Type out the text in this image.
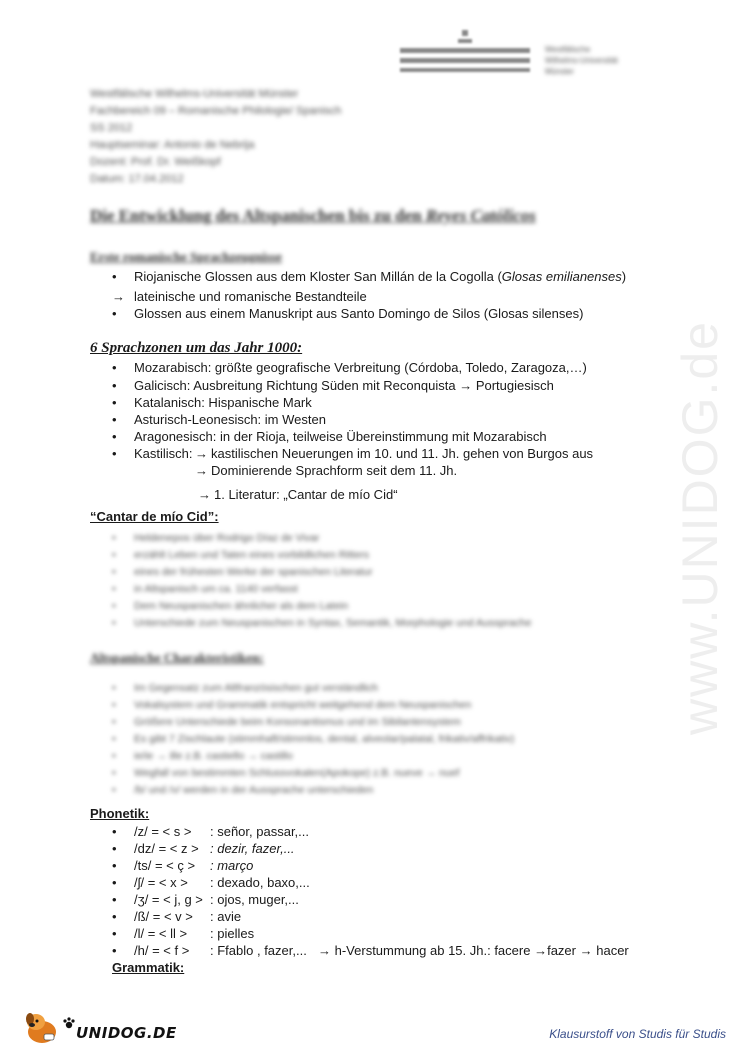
Westfälische
Wilhelms-Universität
Münster
Westfälische Wilhelms-Universität Münster
Fachbereich 09 – Romanische Philologie/ Spanisch
SS 2012
Hauptseminar: Antonio de Nebrija
Dozent: Prof. Dr. Weißkopf
Datum: 17.04.2012
Die Entwicklung des Altspanischen bis zu den Reyes Católicos
Erste romanische Sprachzeugnisse
• Riojanische Glossen aus dem Kloster San Millán de la Cogolla (Glosas emilianenses)
→ lateinische und romanische Bestandteile
• Glossen aus einem Manuskript aus Santo Domingo de Silos (Glosas silenses)
6 Sprachzonen um das Jahr 1000:
• Mozarabisch: größte geografische Verbreitung (Córdoba, Toledo, Zaragoza,…)
• Galicisch: Ausbreitung Richtung Süden mit Reconquista → Portugiesisch
• Katalanisch: Hispanische Mark
• Asturisch-Leonesisch: im Westen
• Aragonesisch: in der Rioja, teilweise Übereinstimmung mit Mozarabisch
• Kastilisch: → kastilischen Neuerungen im 10. und 11. Jh. gehen von Burgos aus
→ Dominierende Sprachform seit dem 11. Jh.
→ 1. Literatur: „Cantar de mío Cid“
“Cantar de mío Cid”:
• Heldenepos über Rodrigo Díaz de Vivar
• erzählt Leben und Taten eines vorbildlichen Ritters
• eines der frühesten Werke der spanischen Literatur
• in Altspanisch um ca. 1140 verfasst
• Dem Neuspanischen ähnlicher als dem Latein
• Unterschiede zum Neuspanischen in Syntax, Semantik, Morphologie und Aussprache
Altspanische Charakteristiken:
• Im Gegensatz zum Altfranzösischen gut verständlich
• Vokalsystem und Grammatik entspricht weitgehend dem Neuspanischen
• Größere Unterschiede beim Konsonantismus und im Sibilantensystem
• Es gibt 7 Zischlaute (stimmhaft/stimmlos, dental, alveolar/palatal, frikativ/affrikativ)
• ie/ie → ille z.B. castiello → castillo
• Wegfall von bestimmten Schlussvokalen(Apokope) z.B. nueve → nuef
• /b/ und /v/ werden in der Aussprache unterschieden
Phonetik:
• /z/ = < s > : señor, passar,...
• /dz/ = < z > : dezir, fazer,...
• /ts/ = < ç > : março
• /ʃ/ = < x > : dexado, baxo,...
• /ʒ/ = < j, g > : ojos, muger,...
• /ß/ = < v > : avie
• /l/ = < ll > : pielles
• /h/ = < f > : Ffablo , fazer,... → h-Verstummung ab 15. Jh.: facere →fazer → hacer
Grammatik:
www.UNIDOG.de
UNIDOG.DE	Klausurstoff von Studis für Studis
